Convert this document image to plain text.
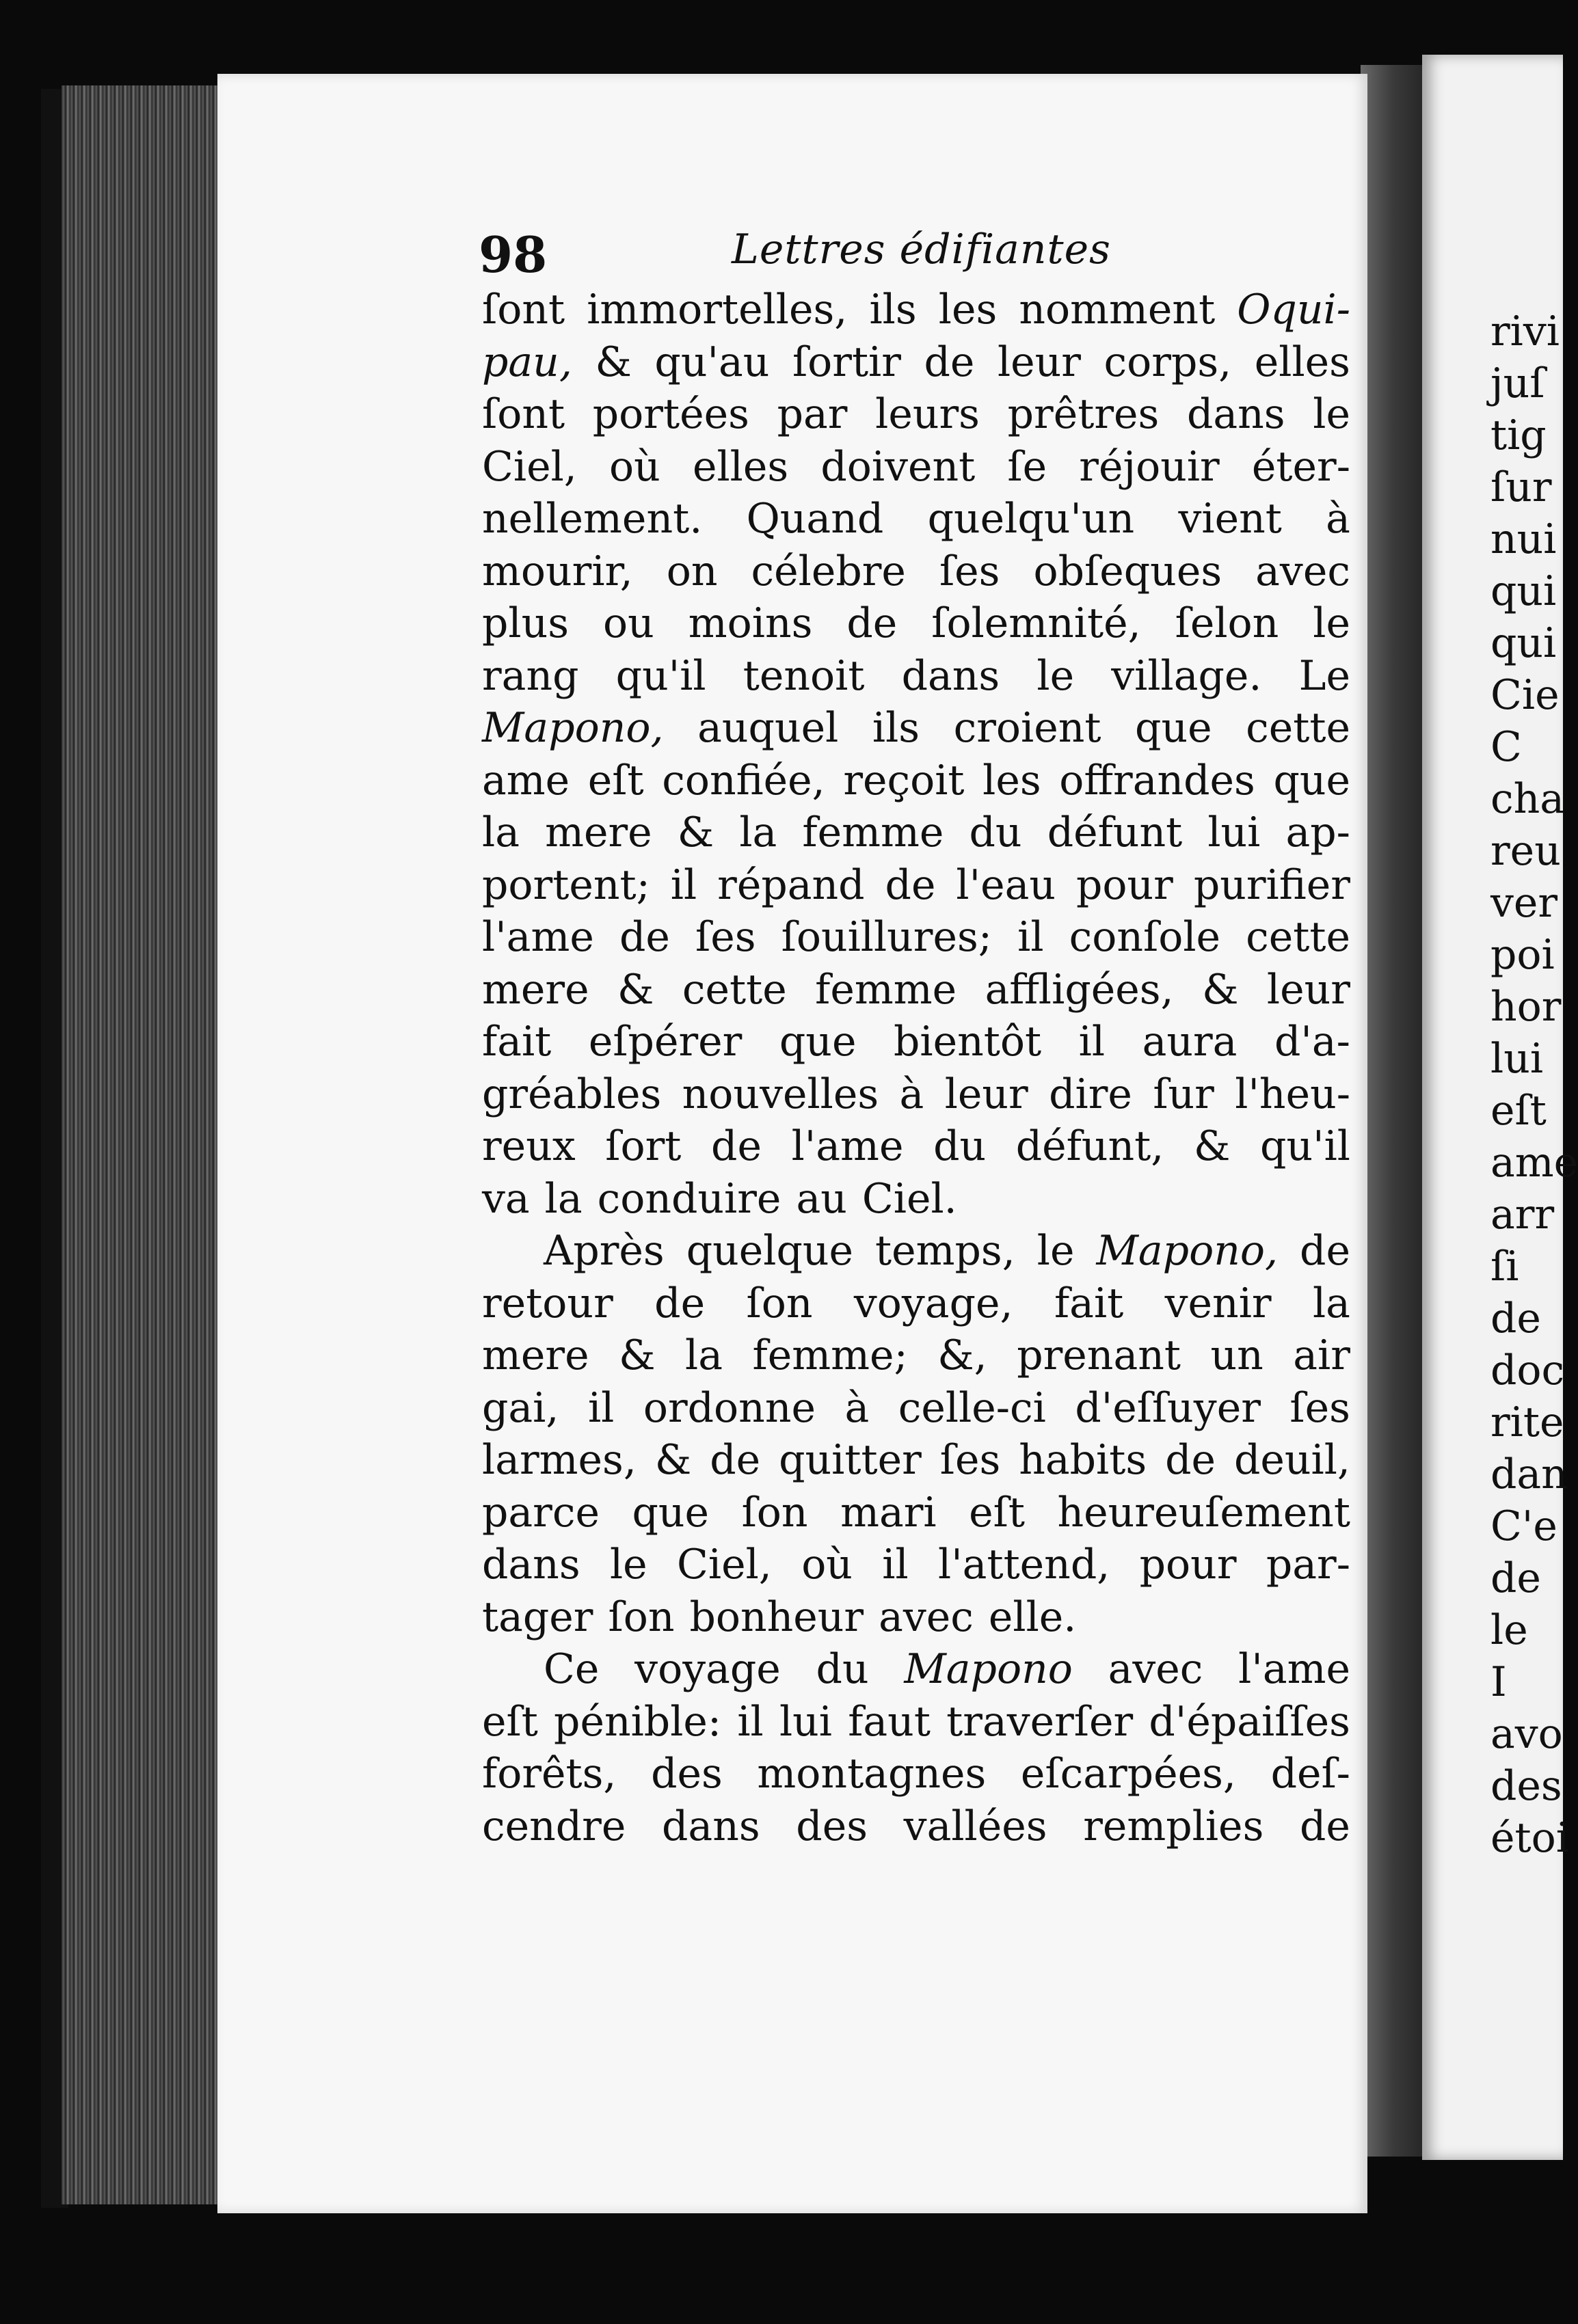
rivi
juſ
tig
ſur
nui
qui
qui
Cie
C
cha
reu
ver
poi
hor
lui
eſt
ame
arr
ſi
de
doc
rite
dan
C'e
de
le
I
avo
des
étoi
98	Lettres édifiantes
ſont immortelles, ils les nomment Oqui-
pau, & qu'au ſortir de leur corps, elles
ſont portées par leurs prêtres dans le
Ciel, où elles doivent ſe réjouir éter-
nellement. Quand quelqu'un vient à
mourir, on célebre ſes obſeques avec
plus ou moins de ſolemnité, ſelon le
rang qu'il tenoit dans le village. Le
Mapono, auquel ils croient que cette
ame eſt confiée, reçoit les offrandes que
la mere & la femme du défunt lui ap-
portent; il répand de l'eau pour purifier
l'ame de ſes ſouillures; il conſole cette
mere & cette femme affligées, & leur
fait eſpérer que bientôt il aura d'a-
gréables nouvelles à leur dire ſur l'heu-
reux ſort de l'ame du défunt, & qu'il
va la conduire au Ciel.
Après quelque temps, le Mapono, de
retour de ſon voyage, fait venir la
mere & la femme; &, prenant un air
gai, il ordonne à celle-ci d'eſſuyer ſes
larmes, & de quitter ſes habits de deuil,
parce que ſon mari eſt heureuſement
dans le Ciel, où il l'attend, pour par-
tager ſon bonheur avec elle.
Ce voyage du Mapono avec l'ame
eſt pénible: il lui faut traverſer d'épaiſſes
forêts, des montagnes eſcarpées, deſ-
cendre dans des vallées remplies de
